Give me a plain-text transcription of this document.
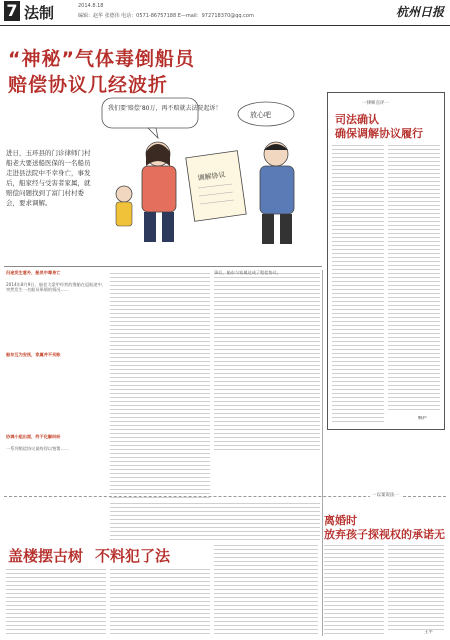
7 法制	2014.8.18
编辑：赵华 张德伟 电话：0571-86757188 E—mail：972718370@qq.com	杭州日报
“神秘”气体毒倒船员
赔偿协议几经波折
进日，玉环县的门诊律师门村船老大要送船医保的一名船员走进县法院中不幸身亡，事发后，船家经与受害者家属，就赔偿问题找到了富门村村委会，要求调解。
我们要‘赔偿’80万，再不赔就去法院起诉！
放心吧
调解协议
归途发生意外，船员中毒身亡
2014年8月9日，船老大梁甲经营的渔船在返航途中，突然发生一名船员晕倒的情况……
船东互为安抚，家属并不买账
协调小组出面，终于化解纠纷
一系列赔偿协议最终得以签署……
事后，船东与家属达成了赔偿协议。
一律师点评一
司法确认
确保调解协议履行
桐庐
一以案说法一
离婚时
放弃孩子探视权的承诺无
王平
盖楼摆古树 不料犯了法
